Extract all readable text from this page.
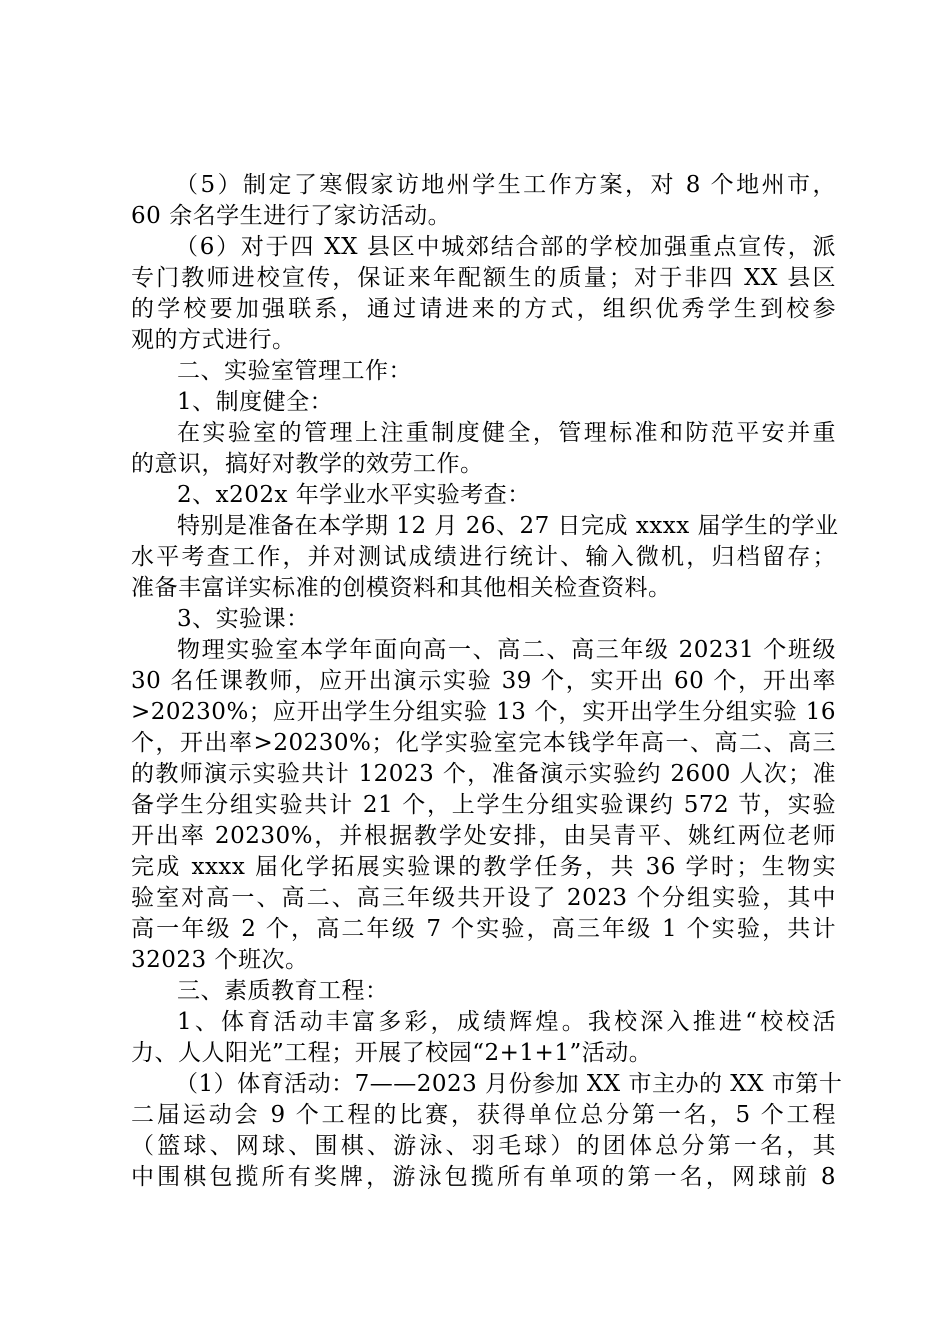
（5）制定了寒假家访地州学生工作方案，对 8 个地州市，
60 余名学生进行了家访活动。
（6）对于四 XX 县区中城郊结合部的学校加强重点宣传，派
专门教师进校宣传，保证来年配额生的质量；对于非四 XX 县区
的学校要加强联系，通过请进来的方式，组织优秀学生到校参
观的方式进行。
二、实验室管理工作：
1、制度健全：
在实验室的管理上注重制度健全，管理标准和防范平安并重
的意识，搞好对教学的效劳工作。
2、x202x 年学业水平实验考查：
特别是准备在本学期 12 月 26、27 日完成 xxxx 届学生的学业
水平考查工作，并对测试成绩进行统计、输入微机，归档留存；
准备丰富详实标准的创模资料和其他相关检查资料。
3、实验课：
物理实验室本学年面向高一、高二、高三年级 20231 个班级
30 名任课教师，应开出演示实验 39 个，实开出 60 个，开出率
>20230%；应开出学生分组实验 13 个，实开出学生分组实验 16
个，开出率>20230%；化学实验室完本钱学年高一、高二、高三
的教师演示实验共计 12023 个，准备演示实验约 2600 人次；准
备学生分组实验共计 21 个，上学生分组实验课约 572 节，实验
开出率 20230%，并根据教学处安排，由吴青平、姚红两位老师
完成 xxxx 届化学拓展实验课的教学任务，共 36 学时；生物实
验室对高一、高二、高三年级共开设了 2023 个分组实验，其中
高一年级 2 个，高二年级 7 个实验，高三年级 1 个实验，共计
32023 个班次。
三、素质教育工程：
1、体育活动丰富多彩，成绩辉煌。我校深入推进“校校活
力、人人阳光”工程；开展了校园“2+1+1”活动。
（1）体育活动：7——2023 月份参加 XX 市主办的 XX 市第十
二届运动会 9 个工程的比赛，获得单位总分第一名，5 个工程
（篮球、网球、围棋、游泳、羽毛球）的团体总分第一名，其
中围棋包揽所有奖牌，游泳包揽所有单项的第一名，网球前 8
